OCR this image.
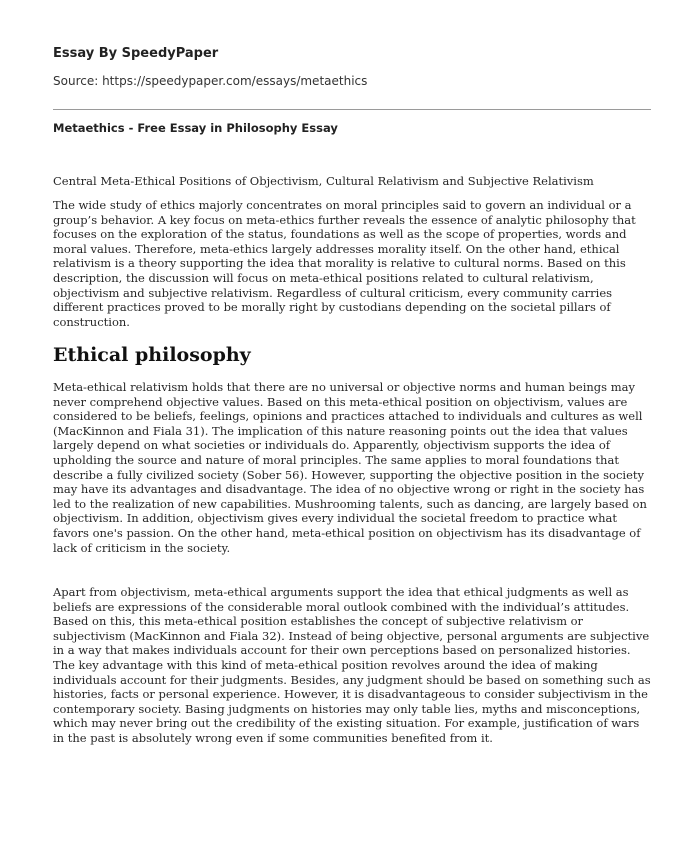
Essay By SpeedyPaper
Source: https://speedypaper.com/essays/metaethics
Metaethics - Free Essay in Philosophy Essay

Central Meta-Ethical Positions of Objectivism, Cultural Relativism and Subjective Relativism

The wide study of ethics majorly concentrates on moral principles said to govern an individual or a group’s behavior. A key focus on meta-ethics further reveals the essence of analytic philosophy that focuses on the exploration of the status, foundations as well as the scope of properties, words and moral values. Therefore, meta-ethics largely addresses morality itself. On the other hand, ethical relativism is a theory supporting the idea that morality is relative to cultural norms. Based on this description, the discussion will focus on meta-ethical positions related to cultural relativism, objectivism and subjective relativism. Regardless of cultural criticism, every community carries different practices proved to be morally right by custodians depending on the societal pillars of construction.

Ethical philosophy

Meta-ethical relativism holds that there are no universal or objective norms and human beings may never comprehend objective values. Based on this meta-ethical position on objectivism, values are considered to be beliefs, feelings, opinions and practices attached to individuals and cultures as well (MacKinnon and Fiala 31). The implication of this nature reasoning points out the idea that values largely depend on what societies or individuals do. Apparently, objectivism supports the idea of upholding the source and nature of moral principles. The same applies to moral foundations that describe a fully civilized society (Sober 56). However, supporting the objective position in the society may have its advantages and disadvantage. The idea of no objective wrong or right in the society has led to the realization of new capabilities. Mushrooming talents, such as dancing, are largely based on objectivism. In addition, objectivism gives every individual the societal freedom to practice what favors one's passion. On the other hand, meta-ethical position on objectivism has its disadvantage of lack of criticism in the society.

Apart from objectivism, meta-ethical arguments support the idea that ethical judgments as well as beliefs are expressions of the considerable moral outlook combined with the individual’s attitudes. Based on this, this meta-ethical position establishes the concept of subjective relativism or subjectivism (MacKinnon and Fiala 32). Instead of being objective, personal arguments are subjective in a way that makes individuals account for their own perceptions based on personalized histories. The key advantage with this kind of meta-ethical position revolves around the idea of making individuals account for their judgments. Besides, any judgment should be based on something such as histories, facts or personal experience. However, it is disadvantageous to consider subjectivism in the contemporary society. Basing judgments on histories may only table lies, myths and misconceptions, which may never bring out the credibility of the existing situation. For example, justification of wars in the past is absolutely wrong even if some communities benefited from it.
